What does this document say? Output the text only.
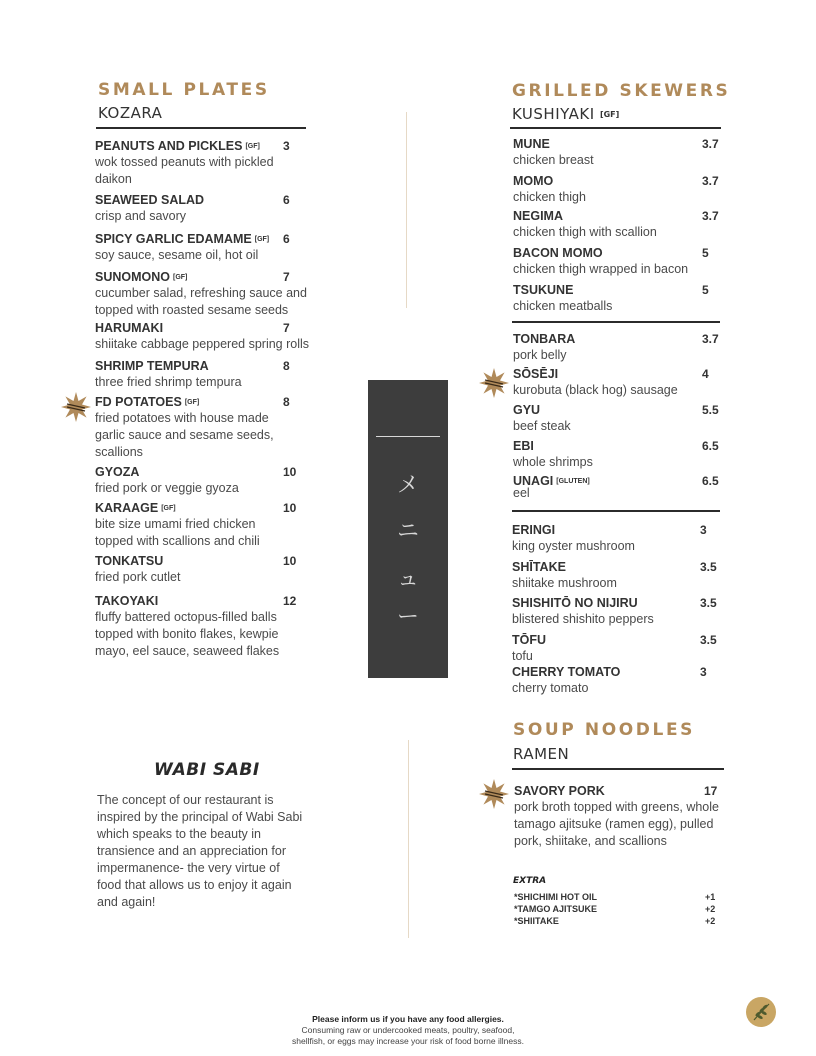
SMALL PLATES
KOZARA
PEANUTS AND PICKLES [GF]	3
wok tossed peanuts with pickled daikon
SEAWEED SALAD	6
crisp and savory
SPICY GARLIC EDAMAME [GF]	6
soy sauce, sesame oil, hot oil
SUNOMONO [GF]	7
cucumber salad, refreshing sauce and topped with roasted sesame seeds
HARUMAKI	7
shiitake cabbage peppered spring rolls
SHRIMP TEMPURA	8
three fried shrimp tempura
FD POTATOES [GF]	8
fried potatoes with house made garlic sauce and sesame seeds, scallions
GYOZA	10
fried pork or veggie gyoza
KARAAGE [GF]	10
bite size umami fried chicken topped with scallions and chili
TONKATSU	10
fried pork cutlet
TAKOYAKI	12
fluffy battered octopus-filled balls topped with bonito flakes, kewpie mayo, eel sauce, seaweed flakes
メ
ニ
ュ
ー
GRILLED SKEWERS
KUSHIYAKI [GF]
MUNE	3.7
chicken breast
MOMO	3.7
chicken thigh
NEGIMA	3.7
chicken thigh with scallion
BACON MOMO	5
chicken thigh wrapped in bacon
TSUKUNE	5
chicken meatballs
TONBARA	3.7
pork belly
SŌSĒJI	4
kurobuta (black hog) sausage
GYU	5.5
beef steak
EBI	6.5
whole shrimps
UNAGI [GLUTEN]	6.5
eel
ERINGI	3
king oyster mushroom
SHĪTAKE	3.5
shiitake mushroom
SHISHITŌ NO NIJIRU	3.5
blistered shishito peppers
TŌFU	3.5
tofu
CHERRY TOMATO	3
cherry tomato
SOUP NOODLES
RAMEN
SAVORY PORK	17
pork broth topped with greens, whole tamago ajitsuke (ramen egg), pulled pork, shiitake, and scallions
EXTRA
*SHICHIMI HOT OIL	+1
*TAMGO AJITSUKE	+2
*SHIITAKE	+2
WABI SABI
The concept of our restaurant is inspired by the principal of Wabi Sabi which speaks to the beauty in transience and an appreciation for impermanence- the very virtue of food that allows us to enjoy it again and again!
Please inform us if you have any food allergies.
Consuming raw or undercooked meats, poultry, seafood,
shellfish, or eggs may increase your risk of food borne illness.
